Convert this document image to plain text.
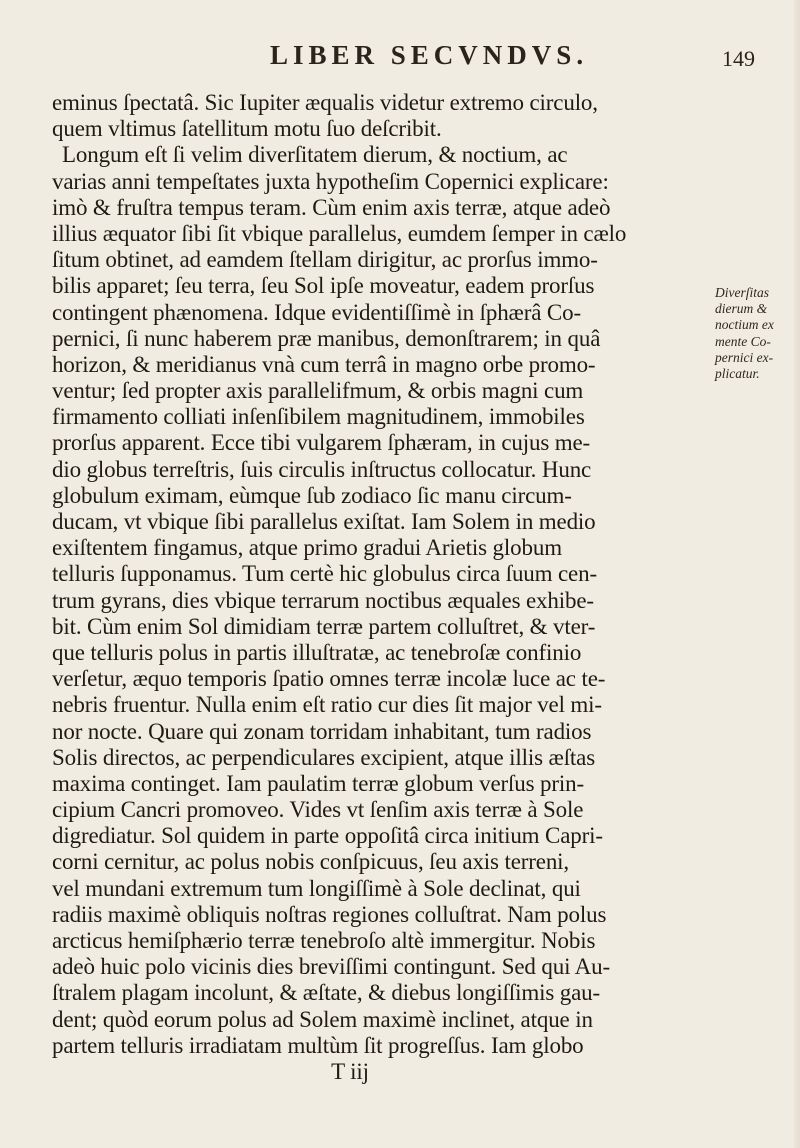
LIBER SECVNDVS.	149
eminus ſpectatâ. Sic Iupiter æqualis videtur extremo circulo,
quem vltimus ſatellitum motu ſuo deſcribit.
Longum eſt ſi velim diverſitatem dierum, & noctium, ac
varias anni tempeſtates juxta hypotheſim Copernici explicare:
imò & fruſtra tempus teram. Cùm enim axis terræ, atque adeò
illius æquator ſibi ſit vbique parallelus, eumdem ſemper in cælo
ſitum obtinet, ad eamdem ſtellam dirigitur, ac prorſus immo-
bilis apparet; ſeu terra, ſeu Sol ipſe moveatur, eadem prorſus
contingent phænomena. Idque evidentiſſimè in ſphærâ Co-
pernici, ſi nunc haberem præ manibus, demonſtrarem; in quâ
horizon, & meridianus vnà cum terrâ in magno orbe promo-
ventur; ſed propter axis parallelifmum, & orbis magni cum
firmamento colliati inſenſibilem magnitudinem, immobiles
prorſus apparent. Ecce tibi vulgarem ſphæram, in cujus me-
dio globus terreſtris, ſuis circulis inſtructus collocatur. Hunc
globulum eximam, eùmque ſub zodiaco ſic manu circum-
ducam, vt vbique ſibi parallelus exiſtat. Iam Solem in medio
exiſtentem fingamus, atque primo gradui Arietis globum
telluris ſupponamus. Tum certè hic globulus circa ſuum cen-
trum gyrans, dies vbique terrarum noctibus æquales exhibe-
bit. Cùm enim Sol dimidiam terræ partem colluſtret, & vter-
que telluris polus in partis illuſtratæ, ac tenebroſæ confinio
verſetur, æquo temporis ſpatio omnes terræ incolæ luce ac te-
nebris fruentur. Nulla enim eſt ratio cur dies ſit major vel mi-
nor nocte. Quare qui zonam torridam inhabitant, tum radios
Solis directos, ac perpendiculares excipient, atque illis æſtas
maxima continget. Iam paulatim terræ globum verſus prin-
cipium Cancri promoveo. Vides vt ſenſim axis terræ à Sole
digrediatur. Sol quidem in parte oppoſitâ circa initium Capri-
corni cernitur, ac polus nobis conſpicuus, ſeu axis terreni,
vel mundani extremum tum longiſſimè à Sole declinat, qui
radiis maximè obliquis noſtras regiones colluſtrat. Nam polus
arcticus hemiſphærio terræ tenebroſo altè immergitur. Nobis
adeò huic polo vicinis dies breviſſimi contingunt. Sed qui Au-
ſtralem plagam incolunt, & æſtate, & diebus longiſſimis gau-
dent; quòd eorum polus ad Solem maximè inclinet, atque in
partem telluris irradiatam multùm ſit progreſſus. Iam globo
T iij
Diverſitas
dierum &
noctium ex
mente Co-
pernici ex-
plicatur.
